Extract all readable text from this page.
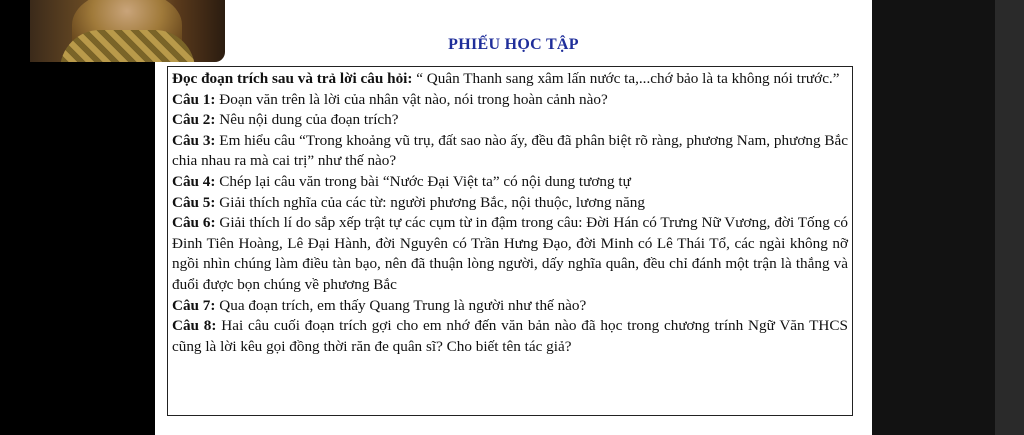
PHIẾU HỌC TẬP

Đọc đoạn trích sau và trả lời câu hỏi: “ Quân Thanh sang xâm lấn nước ta,...chớ bảo là ta không nói trước.”

Câu 1: Đoạn văn trên là lời của nhân vật nào, nói trong hoàn cảnh nào?

Câu 2: Nêu nội dung của đoạn trích?

Câu 3: Em hiểu câu “Trong khoảng vũ trụ, đất sao nào ấy, đều đã phân biệt rõ ràng, phương Nam, phương Bắc chia nhau ra mà cai trị” như thế nào?

Câu 4: Chép lại câu văn trong bài “Nước Đại Việt ta” có nội dung tương tự

Câu 5: Giải thích nghĩa của các từ: người phương Bắc, nội thuộc, lương năng

Câu 6: Giải thích lí do sắp xếp trật tự các cụm từ in đậm trong câu: Đời Hán có Trưng Nữ Vương, đời Tống có Đinh Tiên Hoàng, Lê Đại Hành, đời Nguyên có Trần Hưng Đạo, đời Minh có Lê Thái Tổ, các ngài không nỡ ngồi nhìn chúng làm điều tàn bạo, nên đã thuận lòng người, dấy nghĩa quân, đều chỉ đánh một trận là thắng và đuổi được bọn chúng về phương Bắc

Câu 7: Qua đoạn trích, em thấy Quang Trung là người như thế nào?

Câu 8: Hai câu cuối đoạn trích gợi cho em nhớ đến văn bản nào đã học trong chương trính Ngữ Văn THCS cũng là lời kêu gọi đồng thời răn đe quân sĩ? Cho biết tên tác giả?
